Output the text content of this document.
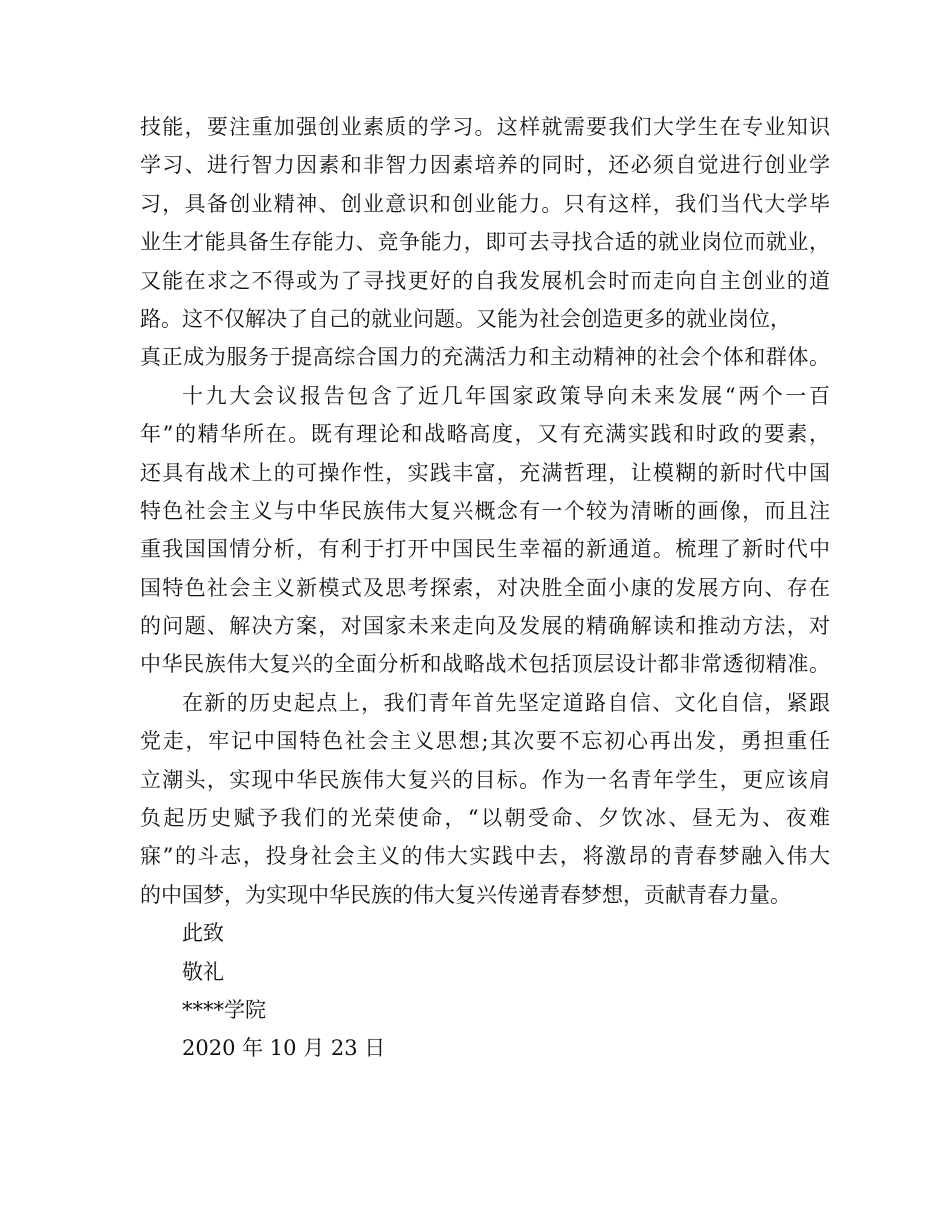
技能，要注重加强创业素质的学习。这样就需要我们大学生在专业知识
学习、进行智力因素和非智力因素培养的同时，还必须自觉进行创业学
习，具备创业精神、创业意识和创业能力。只有这样，我们当代大学毕
业生才能具备生存能力、竞争能力，即可去寻找合适的就业岗位而就业，
又能在求之不得或为了寻找更好的自我发展机会时而走向自主创业的道
路。这不仅解决了自己的就业问题。又能为社会创造更多的就业岗位，
真正成为服务于提高综合国力的充满活力和主动精神的社会个体和群体。
十九大会议报告包含了近几年国家政策导向未来发展“两个一百
年”的精华所在。既有理论和战略高度，又有充满实践和时政的要素，
还具有战术上的可操作性，实践丰富，充满哲理，让模糊的新时代中国
特色社会主义与中华民族伟大复兴概念有一个较为清晰的画像，而且注
重我国国情分析，有利于打开中国民生幸福的新通道。梳理了新时代中
国特色社会主义新模式及思考探索，对决胜全面小康的发展方向、存在
的问题、解决方案，对国家未来走向及发展的精确解读和推动方法，对
中华民族伟大复兴的全面分析和战略战术包括顶层设计都非常透彻精准。
在新的历史起点上，我们青年首先坚定道路自信、文化自信，紧跟
党走，牢记中国特色社会主义思想;其次要不忘初心再出发，勇担重任
立潮头，实现中华民族伟大复兴的目标。作为一名青年学生，更应该肩
负起历史赋予我们的光荣使命，“以朝受命、夕饮冰、昼无为、夜难
寐”的斗志，投身社会主义的伟大实践中去，将激昂的青春梦融入伟大
的中国梦，为实现中华民族的伟大复兴传递青春梦想，贡献青春力量。
此致
敬礼
****学院
2020 年 10 月 23 日
